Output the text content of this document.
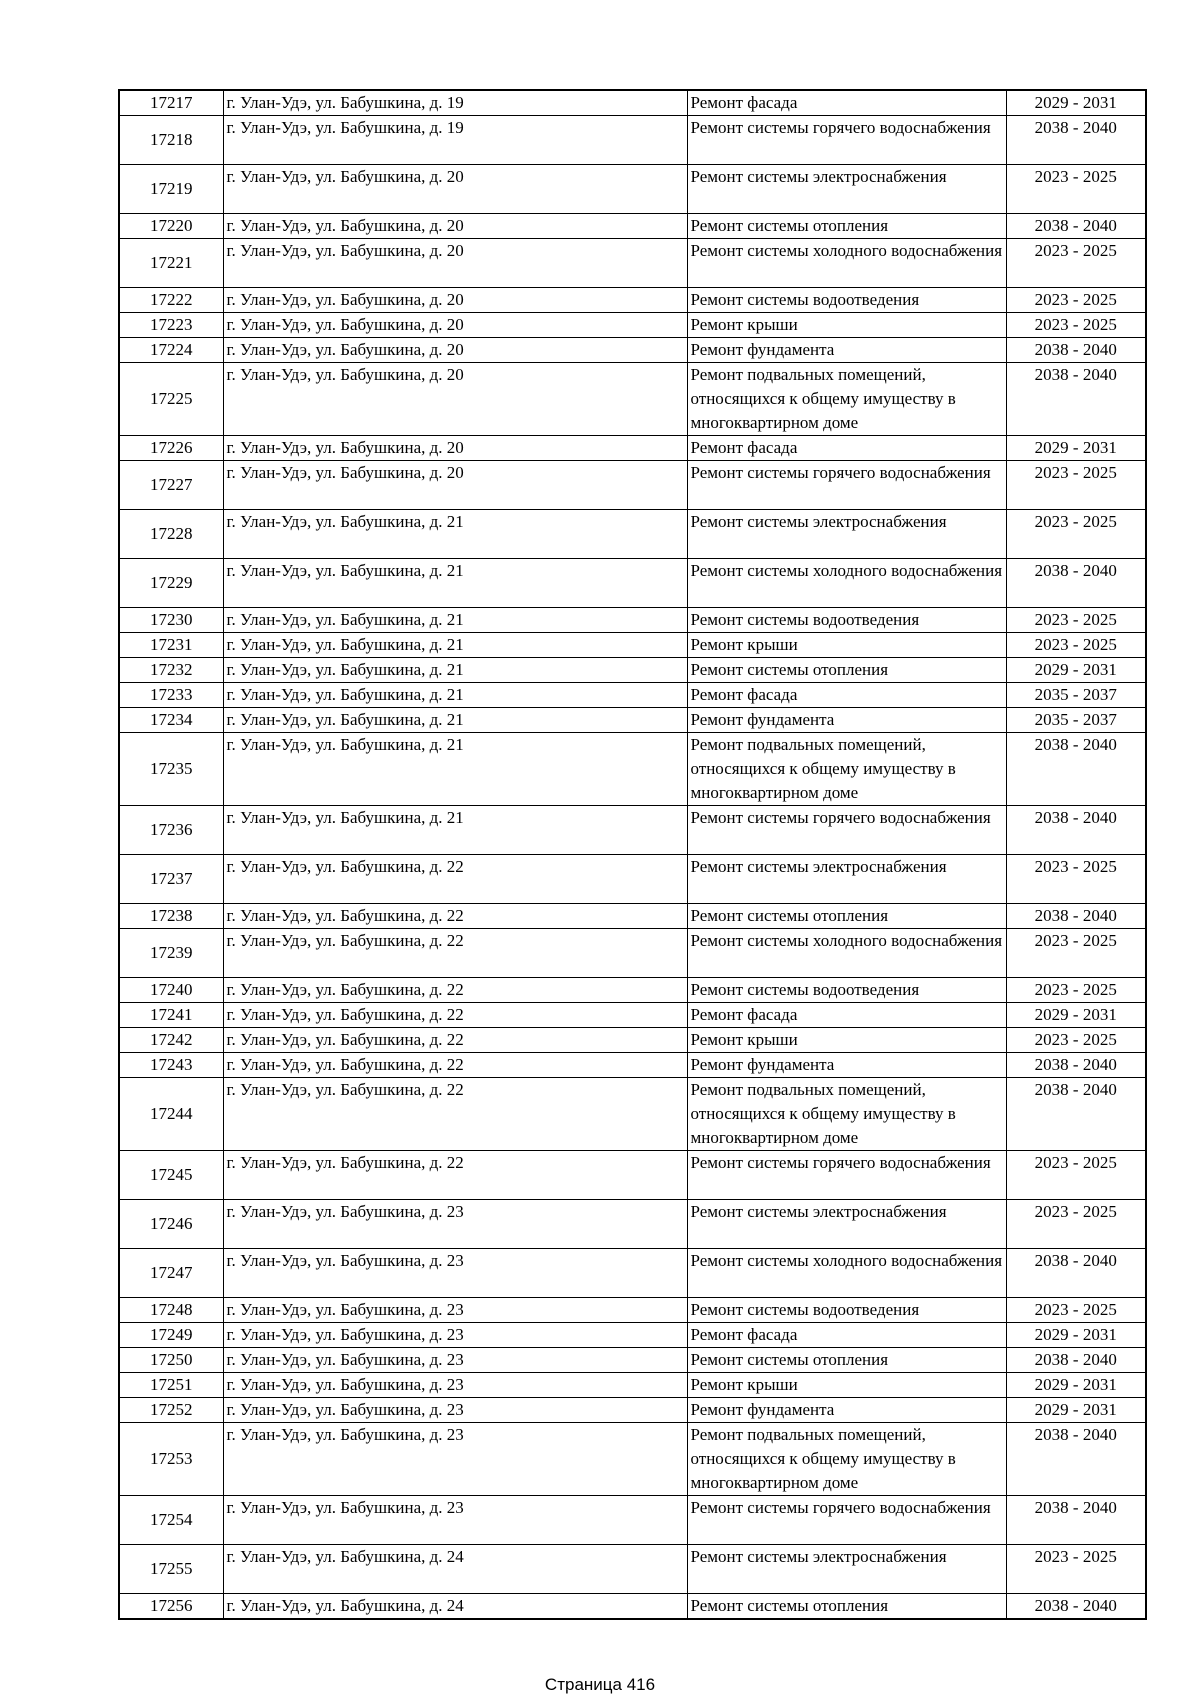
17217	г. Улан-Удэ, ул. Бабушкина, д. 19	Ремонт фасада	2029 - 2031
17218	г. Улан-Удэ, ул. Бабушкина, д. 19	Ремонт системы горячего водоснабжения	2038 - 2040
17219	г. Улан-Удэ, ул. Бабушкина, д. 20	Ремонт системы электроснабжения	2023 - 2025
17220	г. Улан-Удэ, ул. Бабушкина, д. 20	Ремонт системы отопления	2038 - 2040
17221	г. Улан-Удэ, ул. Бабушкина, д. 20	Ремонт системы холодного водоснабжения	2023 - 2025
17222	г. Улан-Удэ, ул. Бабушкина, д. 20	Ремонт системы водоотведения	2023 - 2025
17223	г. Улан-Удэ, ул. Бабушкина, д. 20	Ремонт крыши	2023 - 2025
17224	г. Улан-Удэ, ул. Бабушкина, д. 20	Ремонт фундамента	2038 - 2040
17225	г. Улан-Удэ, ул. Бабушкина, д. 20	Ремонт подвальных помещений, относящихся к общему имуществу в многоквартирном доме	2038 - 2040
17226	г. Улан-Удэ, ул. Бабушкина, д. 20	Ремонт фасада	2029 - 2031
17227	г. Улан-Удэ, ул. Бабушкина, д. 20	Ремонт системы горячего водоснабжения	2023 - 2025
17228	г. Улан-Удэ, ул. Бабушкина, д. 21	Ремонт системы электроснабжения	2023 - 2025
17229	г. Улан-Удэ, ул. Бабушкина, д. 21	Ремонт системы холодного водоснабжения	2038 - 2040
17230	г. Улан-Удэ, ул. Бабушкина, д. 21	Ремонт системы водоотведения	2023 - 2025
17231	г. Улан-Удэ, ул. Бабушкина, д. 21	Ремонт крыши	2023 - 2025
17232	г. Улан-Удэ, ул. Бабушкина, д. 21	Ремонт системы отопления	2029 - 2031
17233	г. Улан-Удэ, ул. Бабушкина, д. 21	Ремонт фасада	2035 - 2037
17234	г. Улан-Удэ, ул. Бабушкина, д. 21	Ремонт фундамента	2035 - 2037
17235	г. Улан-Удэ, ул. Бабушкина, д. 21	Ремонт подвальных помещений, относящихся к общему имуществу в многоквартирном доме	2038 - 2040
17236	г. Улан-Удэ, ул. Бабушкина, д. 21	Ремонт системы горячего водоснабжения	2038 - 2040
17237	г. Улан-Удэ, ул. Бабушкина, д. 22	Ремонт системы электроснабжения	2023 - 2025
17238	г. Улан-Удэ, ул. Бабушкина, д. 22	Ремонт системы отопления	2038 - 2040
17239	г. Улан-Удэ, ул. Бабушкина, д. 22	Ремонт системы холодного водоснабжения	2023 - 2025
17240	г. Улан-Удэ, ул. Бабушкина, д. 22	Ремонт системы водоотведения	2023 - 2025
17241	г. Улан-Удэ, ул. Бабушкина, д. 22	Ремонт фасада	2029 - 2031
17242	г. Улан-Удэ, ул. Бабушкина, д. 22	Ремонт крыши	2023 - 2025
17243	г. Улан-Удэ, ул. Бабушкина, д. 22	Ремонт фундамента	2038 - 2040
17244	г. Улан-Удэ, ул. Бабушкина, д. 22	Ремонт подвальных помещений, относящихся к общему имуществу в многоквартирном доме	2038 - 2040
17245	г. Улан-Удэ, ул. Бабушкина, д. 22	Ремонт системы горячего водоснабжения	2023 - 2025
17246	г. Улан-Удэ, ул. Бабушкина, д. 23	Ремонт системы электроснабжения	2023 - 2025
17247	г. Улан-Удэ, ул. Бабушкина, д. 23	Ремонт системы холодного водоснабжения	2038 - 2040
17248	г. Улан-Удэ, ул. Бабушкина, д. 23	Ремонт системы водоотведения	2023 - 2025
17249	г. Улан-Удэ, ул. Бабушкина, д. 23	Ремонт фасада	2029 - 2031
17250	г. Улан-Удэ, ул. Бабушкина, д. 23	Ремонт системы отопления	2038 - 2040
17251	г. Улан-Удэ, ул. Бабушкина, д. 23	Ремонт крыши	2029 - 2031
17252	г. Улан-Удэ, ул. Бабушкина, д. 23	Ремонт фундамента	2029 - 2031
17253	г. Улан-Удэ, ул. Бабушкина, д. 23	Ремонт подвальных помещений, относящихся к общему имуществу в многоквартирном доме	2038 - 2040
17254	г. Улан-Удэ, ул. Бабушкина, д. 23	Ремонт системы горячего водоснабжения	2038 - 2040
17255	г. Улан-Удэ, ул. Бабушкина, д. 24	Ремонт системы электроснабжения	2023 - 2025
17256	г. Улан-Удэ, ул. Бабушкина, д. 24	Ремонт системы отопления	2038 - 2040
Страница 416
